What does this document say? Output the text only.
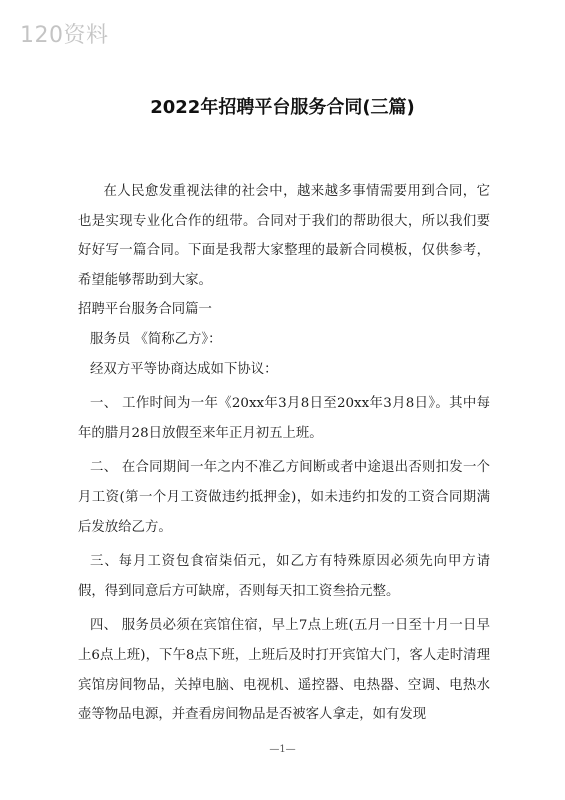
120资料
2022年招聘平台服务合同(三篇)

在人民愈发重视法律的社会中，越来越多事情需要用到合同，它也是实现专业化合作的纽带。合同对于我们的帮助很大，所以我们要好好写一篇合同。下面是我帮大家整理的最新合同模板，仅供参考，希望能够帮助到大家。

招聘平台服务合同篇一

服务员 《简称乙方》：

经双方平等协商达成如下协议：

一、 工作时间为一年《20xx年3月8日至20xx年3月8日》。其中每年的腊月28日放假至来年正月初五上班。

二、 在合同期间一年之内不准乙方间断或者中途退出否则扣发一个月工资(第一个月工资做违约抵押金)，如未违约扣发的工资合同期满后发放给乙方。

三、每月工资包食宿柒佰元，如乙方有特殊原因必须先向甲方请假，得到同意后方可缺席，否则每天扣工资叁拾元整。

四、 服务员必须在宾馆住宿，早上7点上班(五月一日至十月一日早上6点上班)，下午8点下班，上班后及时打开宾馆大门，客人走时清理宾馆房间物品，关掉电脑、电视机、遥控器、电热器、空调、电热水壶等物品电源，并查看房间物品是否被客人拿走，如有发现

—1—
